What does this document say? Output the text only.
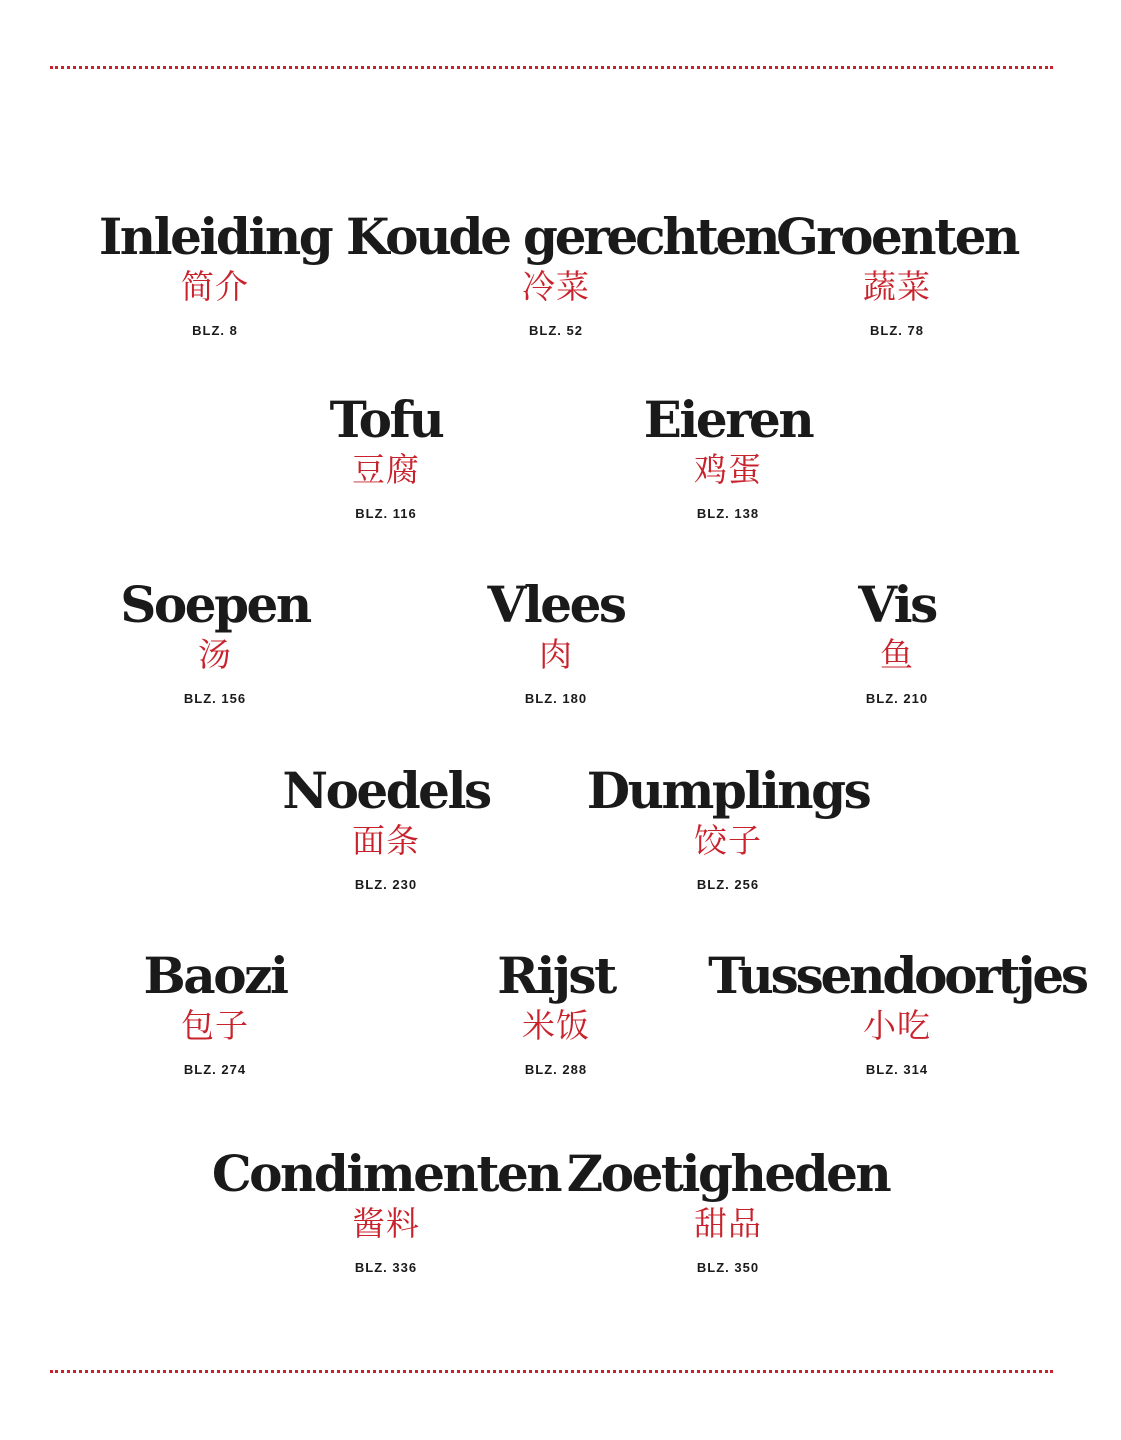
Inleiding
简介
BLZ. 8
Koude gerechten
冷菜
BLZ. 52
Groenten
蔬菜
BLZ. 78
Tofu
豆腐
BLZ. 116
Eieren
鸡蛋
BLZ. 138
Soepen
汤
BLZ. 156
Vlees
肉
BLZ. 180
Vis
鱼
BLZ. 210
Noedels
面条
BLZ. 230
Dumplings
饺子
BLZ. 256
Baozi
包子
BLZ. 274
Rijst
米饭
BLZ. 288
Tussendoortjes
小吃
BLZ. 314
Condimenten
酱料
BLZ. 336
Zoetigheden
甜品
BLZ. 350
